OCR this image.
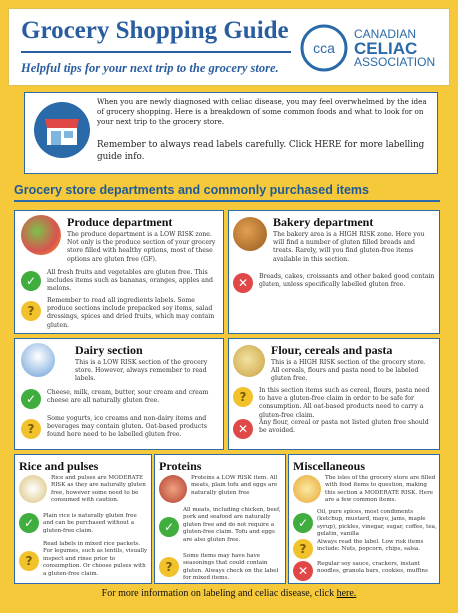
Grocery Shopping Guide
Helpful tips for your next trip to the grocery store.
cca
CANADIAN
CELIAC
ASSOCIATION
When you are newly diagnosed with celiac disease, you may feel overwhelmed by the idea of grocery shopping. Here is a breakdown of some common foods and what to look for on your next trip to the grocery store.
Remember to always read labels carefully. Click HERE for more labelling guide info.
Grocery store departments and commonly purchased items
Produce department
The produce department is a LOW RISK zone. Not only is the produce section of your grocery store filled with healthy options, most of these options are gluten free (GF).
✓
All fresh fruits and vegetables are gluten free. This includes items such as bananas, oranges, apples and melons.
?
Remember to read all ingredients labels. Some produce sections include prepacked soy items, salad dressings, spices and dried fruits, which may contain gluten.
Bakery department
The bakery area is a HIGH RISK zone. Here you will find a number of gluten filled breads and treats. Rarely, will you find gluten-free items available in this section.
✕	Breads, cakes, croissants and other baked good contain gluten, unless specifically labelled gluten free.
Dairy section
This is a LOW RISK section of the grocery store. However, always remember to read labels.
✓	Cheese, milk, cream, butter, sour cream and cream cheese are all naturally gluten free.
?
Some yogurts, ice creams and non-dairy items and beverages may contain gluten. Oat-based products found here need to be labelled gluten free.
Flour, cereals and pasta
This is a HIGH RISK section of the grocery store. All cereals, flours and pasta need to be labeled gluten free.
?	In this section items such as cereal, flours, pasta need to have a gluten-free claim in order to be safe for consumption. All oat-based products need to carry a gluten-free claim.
✕	Any flour, cereal or pasta not listed gluten free should be avoided.
Rice and pulses
Rice and pulses are MODERATE RISK as they are naturally gluten free, however some need to be consumed with caution.
✓	Plain rice is naturally gluten free and can be purchased without a gluten-free claim.
?
Read labels in mixed rice packets. For legumes, such as lentils, visually inspect and rinse prior to consumption. Or choose pulses with a gluten-free claim.
Proteins
Proteins a LOW RISK item. All meats, plain tofu and eggs are naturally gluten free
✓
All meats, including chicken, beef, pork and seafood are naturally gluten free and do not require a gluten-free claim. Tofu and eggs are also gluten free.
?
Some items may have have seasonings that could contain gluten. Always check on the label for mixed items.
Miscellaneous
The isles of the grocery store are filled with food items to question, making this section a MODERATE RISK. Here are a few common items.
✓
Oil, pure spices, most condiments (ketchup, mustard, mayo, jams, maple syrup), pickles, vinegar, sugar, coffee, tea, gelatin, vanilla
?	Always read the label. Low risk items include: Nuts, popcorn, chips, salsa.
✕	Regular soy sauce, crackers, instant noodles, granola bars, cookies, muffins
For more information on labeling and celiac disease, click here.
